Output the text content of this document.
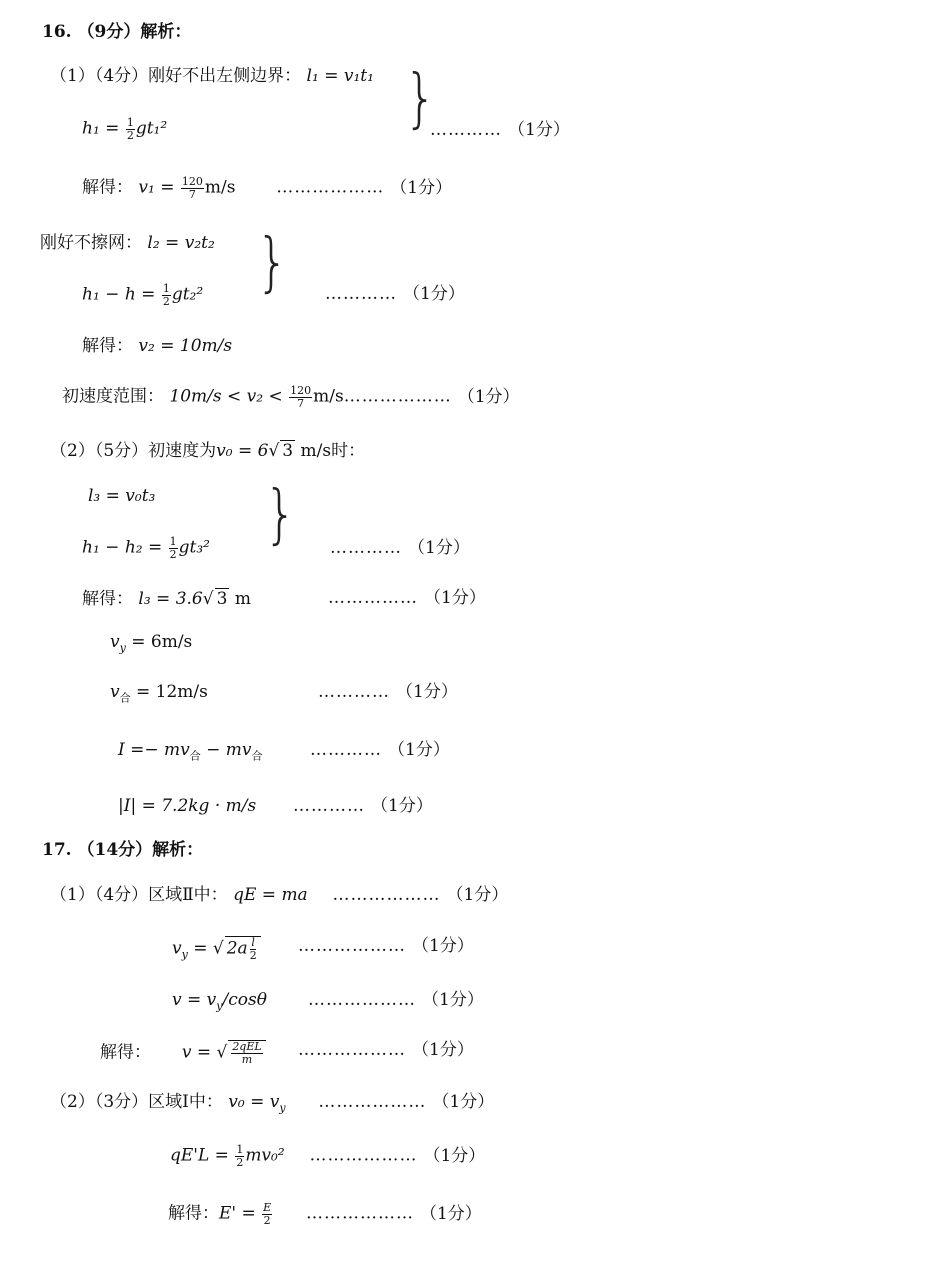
16. （9分）解析：
（1）（4分）刚好不出左侧边界： l₁ = v₁t₁ }
$h_1 = \frac{1}{2} gt_1^2$	………… （1分）
解得： $v_1 = \frac{120}{7} m/s$ ……………… （1分）
刚好不擦网： l₂ = v₂t₂ }
$h_1 - h = \frac{1}{2} gt_2^2$	………… （1分）
解得： v₂ = 10m/s
初速度范围： $10m/s < v_2 < \frac{120}{7}$ m/s……………… （1分）
（2）（5分）初速度为v₀ = 6√ 3 m/s时：
l₃ = v₀t₃ }
$h_1 - h_2 = \frac{1}{2} gt_3^2$	………… （1分）
解得： l₃ = 3.6√ 3 m	…………… （1分）
$v_y = 6m/s$
$v_合 = 12m/s$	………… （1分）
$I =- mv_合 - mv_合$	………… （1分）
|I| = 7.2kg · m/s ………… （1分）
17. （14分）解析：
（1）（4分）区域Ⅱ中： qE = ma ……………… （1分）
$v_y$ = √ $2a \frac{l}{2}$ ……………… （1分）
$v = v_y$/cosθ ……………… （1分）
解得： v = √ $\frac{\text{2qEL}}{m}$ ……………… （1分）
（2）（3分）区域Ⅰ中： $v_0 = v_y$ ……………… （1分）
$qE'L = \frac{1}{2} mv_0^2$ ……………… （1分）
解得：$E' = \frac{E}{2}$ ……………… （1分）
